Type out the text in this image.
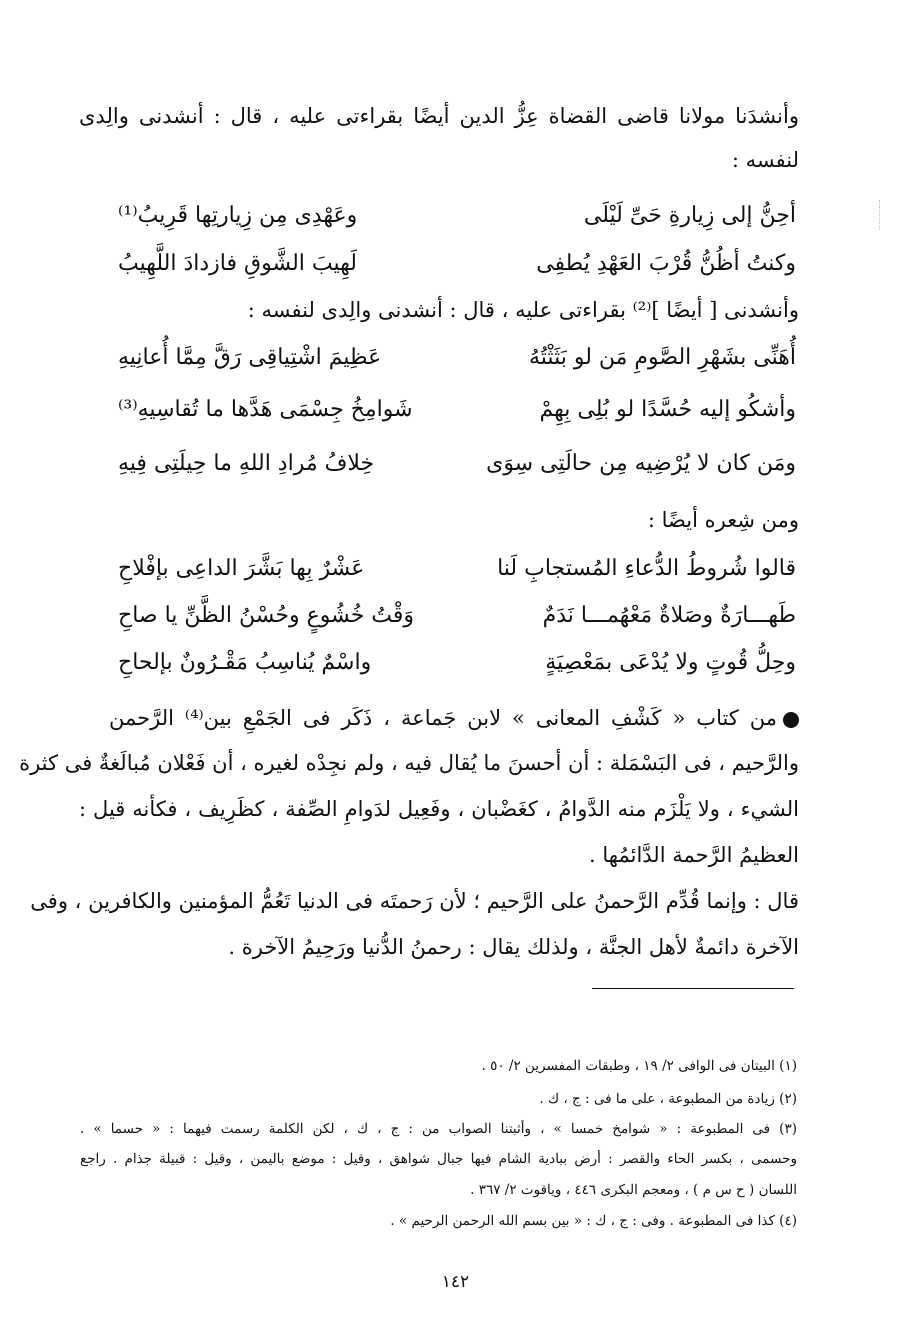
وأنشدَنا مولانا قاضى القضاة عِزُّ الدين أيضًا بقراءتى عليه ، قال : أنشدنى والِدى
لنفسه :
أحِنُّ إلى زِيارةِ حَىِّ لَيْلَى
وعَهْدِى مِن زِيارتِها قَرِيبُ⁽¹⁾
وكنتُ أظُنُّ قُرْبَ العَهْدِ يُطفِى
لَهِيبَ الشَّوقِ فازدادَ اللَّهِيبُ
وأنشدنى [ أيضًا ]⁽²⁾ بقراءتى عليه ، قال : أنشدنى والِدى لنفسه :
أُهَنِّى بشَهْرِ الصَّومِ مَن لو بَثَثْتُهُ
عَظِيمَ اشْتِياقِى رَقَّ مِمَّا أُعانِيهِ
وأشكُو إليه حُسَّدًا لو بُلِى بِهِمْ
شَوامِخُ جِسْمَى هَدَّها ما تُقاسِيهِ⁽³⁾
ومَن كان لا يُرْضِيه مِن حالَتِى سِوَى
خِلافُ مُرادِ اللهِ ما حِيلَتِى فِيهِ
ومن شِعره أيضًا :
قالوا شُروطُ الدُّعاءِ المُستجابِ لَنا
عَشْرٌ بِها بَشَّرَ الداعِى بإفْلاحِ
طَهـــارَةٌ وصَلاةٌ مَعْهُمـــا نَدَمٌ
وَقْتُ خُشُوعٍ وحُسْنُ الظَّنِّ يا صاحِ
وحِلُّ قُوتٍ ولا يُدْعَى بمَعْصِيَةٍ
واسْمٌ يُناسِبُ مَقْـرُونٌ بإلحاحِ
من كتاب « كَشْفِ المعانى » لابن جَماعة ، ذَكَر فى الجَمْعِ بين⁽⁴⁾ الرَّحمن
والرَّحيم ، فى البَسْمَلة : أن أحسنَ ما يُقال فيه ، ولم نجِدْه لغيره ، أن فَعْلان مُبالَغةٌ فى كثرة
الشيء ، ولا يَلْزَم منه الدَّوامُ ، كغَضْبان ، وفَعِيل لدَوامِ الصِّفة ، كظَرِيف ، فكأنه قيل :
العظيمُ الرَّحمة الدَّائمُها .
قال : وإنما قُدِّم الرَّحمنُ على الرَّحيم ؛ لأن رَحمتَه فى الدنيا تَعُمُّ المؤمنين والكافرين ، وفى
الآخرة دائمةٌ لأهل الجنَّة ، ولذلك يقال : رحمنُ الدُّنيا ورَحِيمُ الآخرة .
(١) البيتان فى الوافى ٢/ ١٩ ، وطبقات المفسرين ٢/ ٥٠ .
(٢) زيادة من المطبوعة ، على ما فى : ج ، ك .
(٣) فى المطبوعة : « شوامخ خمسا » ، وأثبتنا الصواب من : ج ، ك ، لكن الكلمة رسمت فيهما : « حسما » .
وحسمى ، بكسر الحاء والقصر : أرض ببادية الشام فيها جبال شواهق ، وقيل : موضع باليمن ، وقيل : قبيلة جذام . راجع
اللسان ( ح س م ) ، ومعجم البكرى ٤٤٦ ، وياقوت ٢/ ٣٦٧ .
(٤) كذا فى المطبوعة . وفى : ج ، ك : « بين بسم الله الرحمن الرحيم » .
١٤٢
